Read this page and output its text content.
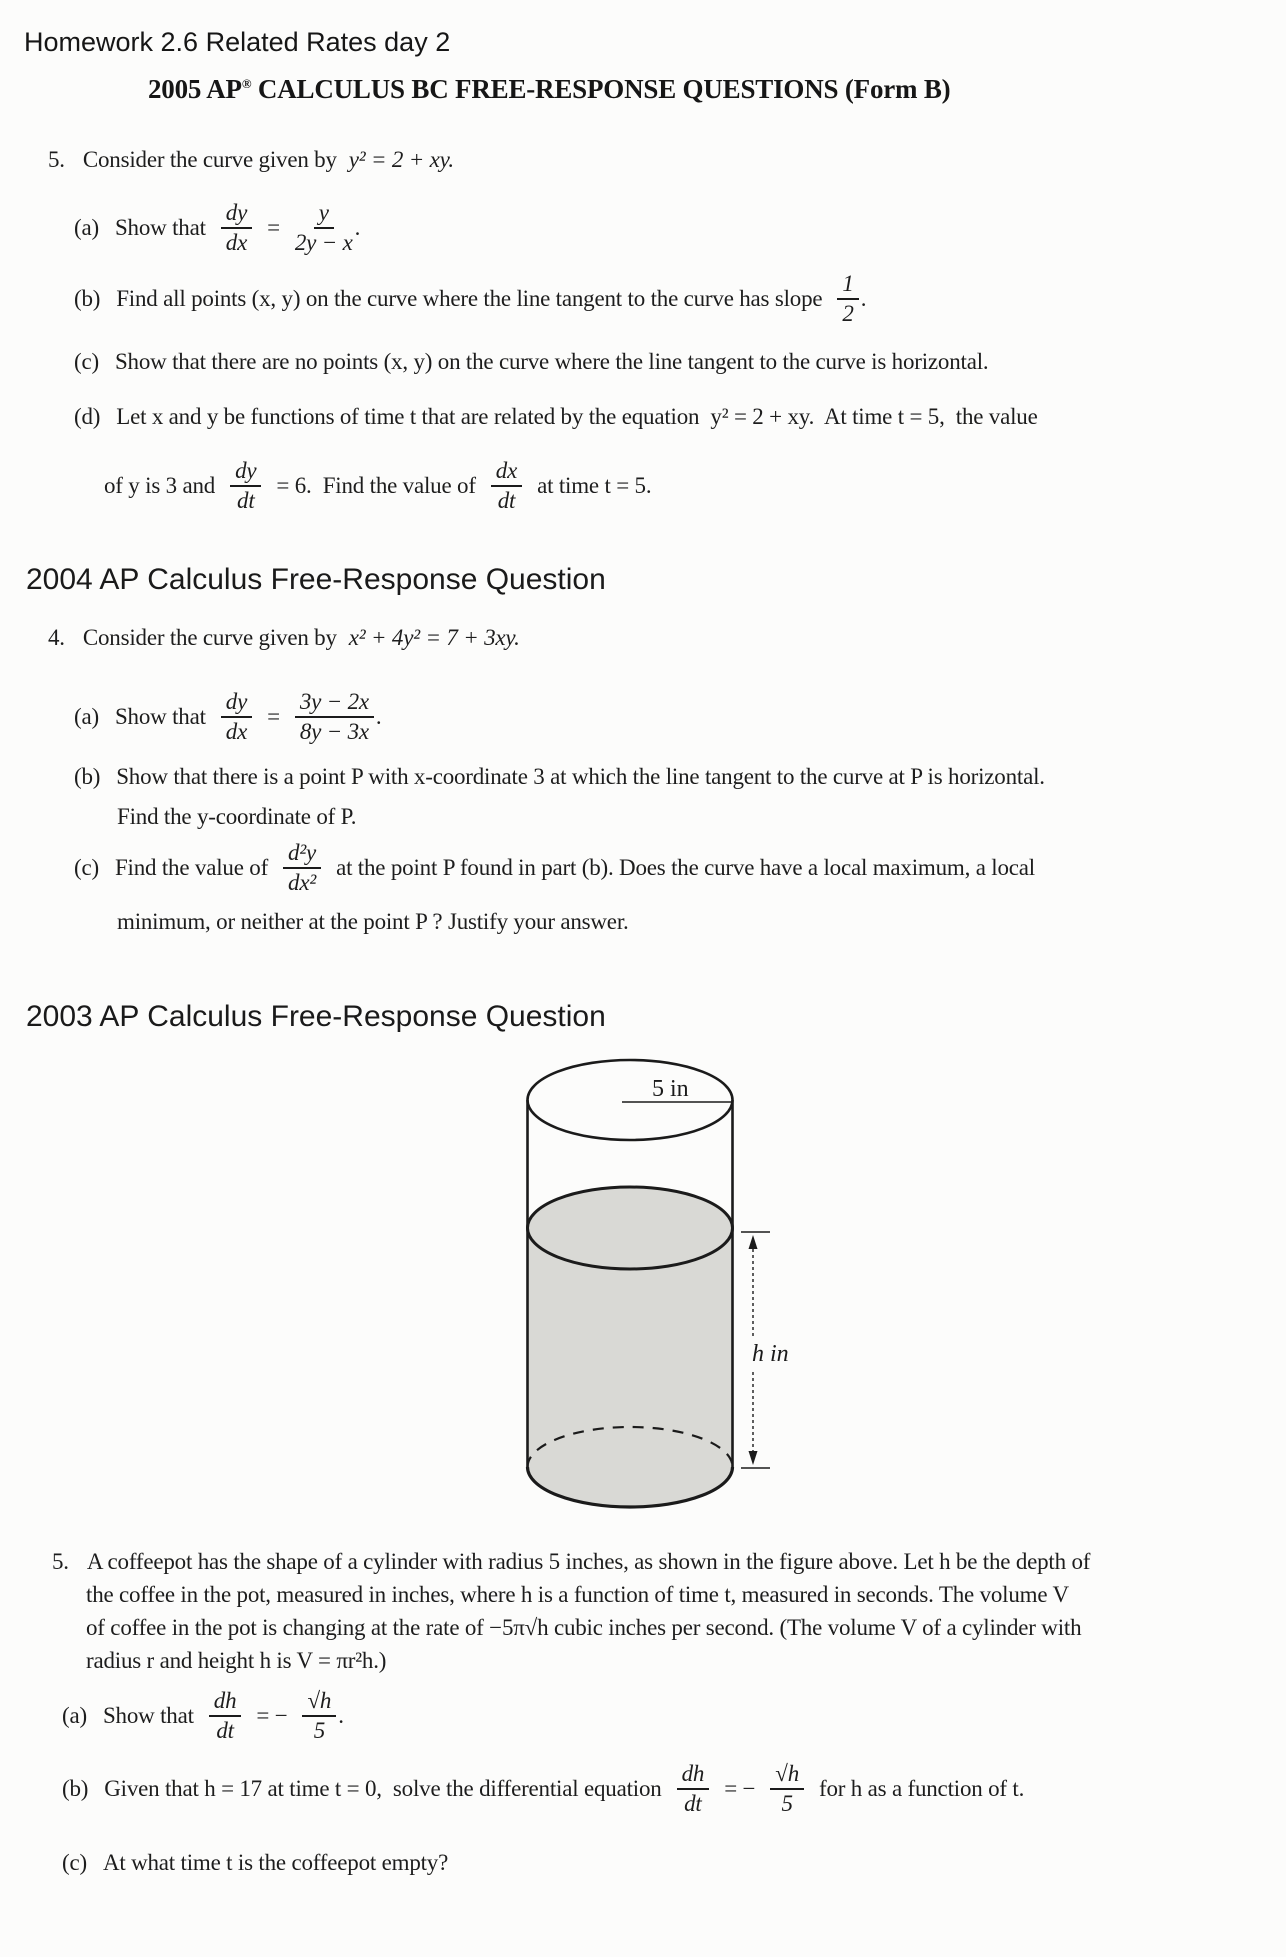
Homework 2.6 Related Rates day 2
2005 AP® CALCULUS BC FREE-RESPONSE QUESTIONS (Form B)
5. Consider the curve given by y² = 2 + xy.
(a) Show that $\frac{dy}{dx} = \frac{y}{2y - x}$ .
(b) Find all points (x, y) on the curve where the line tangent to the curve has slope $\frac{1}{2}$ .
(c) Show that there are no points (x, y) on the curve where the line tangent to the curve is horizontal.
(d) Let x and y be functions of time t that are related by the equation  y² = 2 + xy.  At time t = 5,  the value
of y is 3 and $\frac{dy}{dt} = 6$.  Find the value of $\frac{dx}{dt}$ at time t = 5.
2004 AP Calculus Free-Response Question
4. Consider the curve given by x² + 4y² = 7 + 3xy.
(a) Show that $\frac{dy}{dx} = \frac{3y - 2x}{8y - 3x}$ .
(b) Show that there is a point P with x-coordinate 3 at which the line tangent to the curve at P is horizontal.
Find the y-coordinate of P.
(c) Find the value of $\frac{\text{d²y}}{\text{dx²}}$ at the point P found in part (b). Does the curve have a local maximum, a local
minimum, or neither at the point P ? Justify your answer.
2003 AP Calculus Free-Response Question
5 in
h in
5. A coffeepot has the shape of a cylinder with radius 5 inches, as shown in the figure above. Let h be the depth of
the coffee in the pot, measured in inches, where h is a function of time t, measured in seconds. The volume V
of coffee in the pot is changing at the rate of −5π√h cubic inches per second. (The volume V of a cylinder with
radius r and height h is V = πr²h.)
(a) Show that $\frac{dh}{dt}$ = − $\frac{√h}{5}$ .
(b) Given that h = 17 at time t = 0,  solve the differential equation $\frac{dh}{dt}$ = − $\frac{√h}{5}$ for h as a function of t.
(c) At what time t is the coffeepot empty?
